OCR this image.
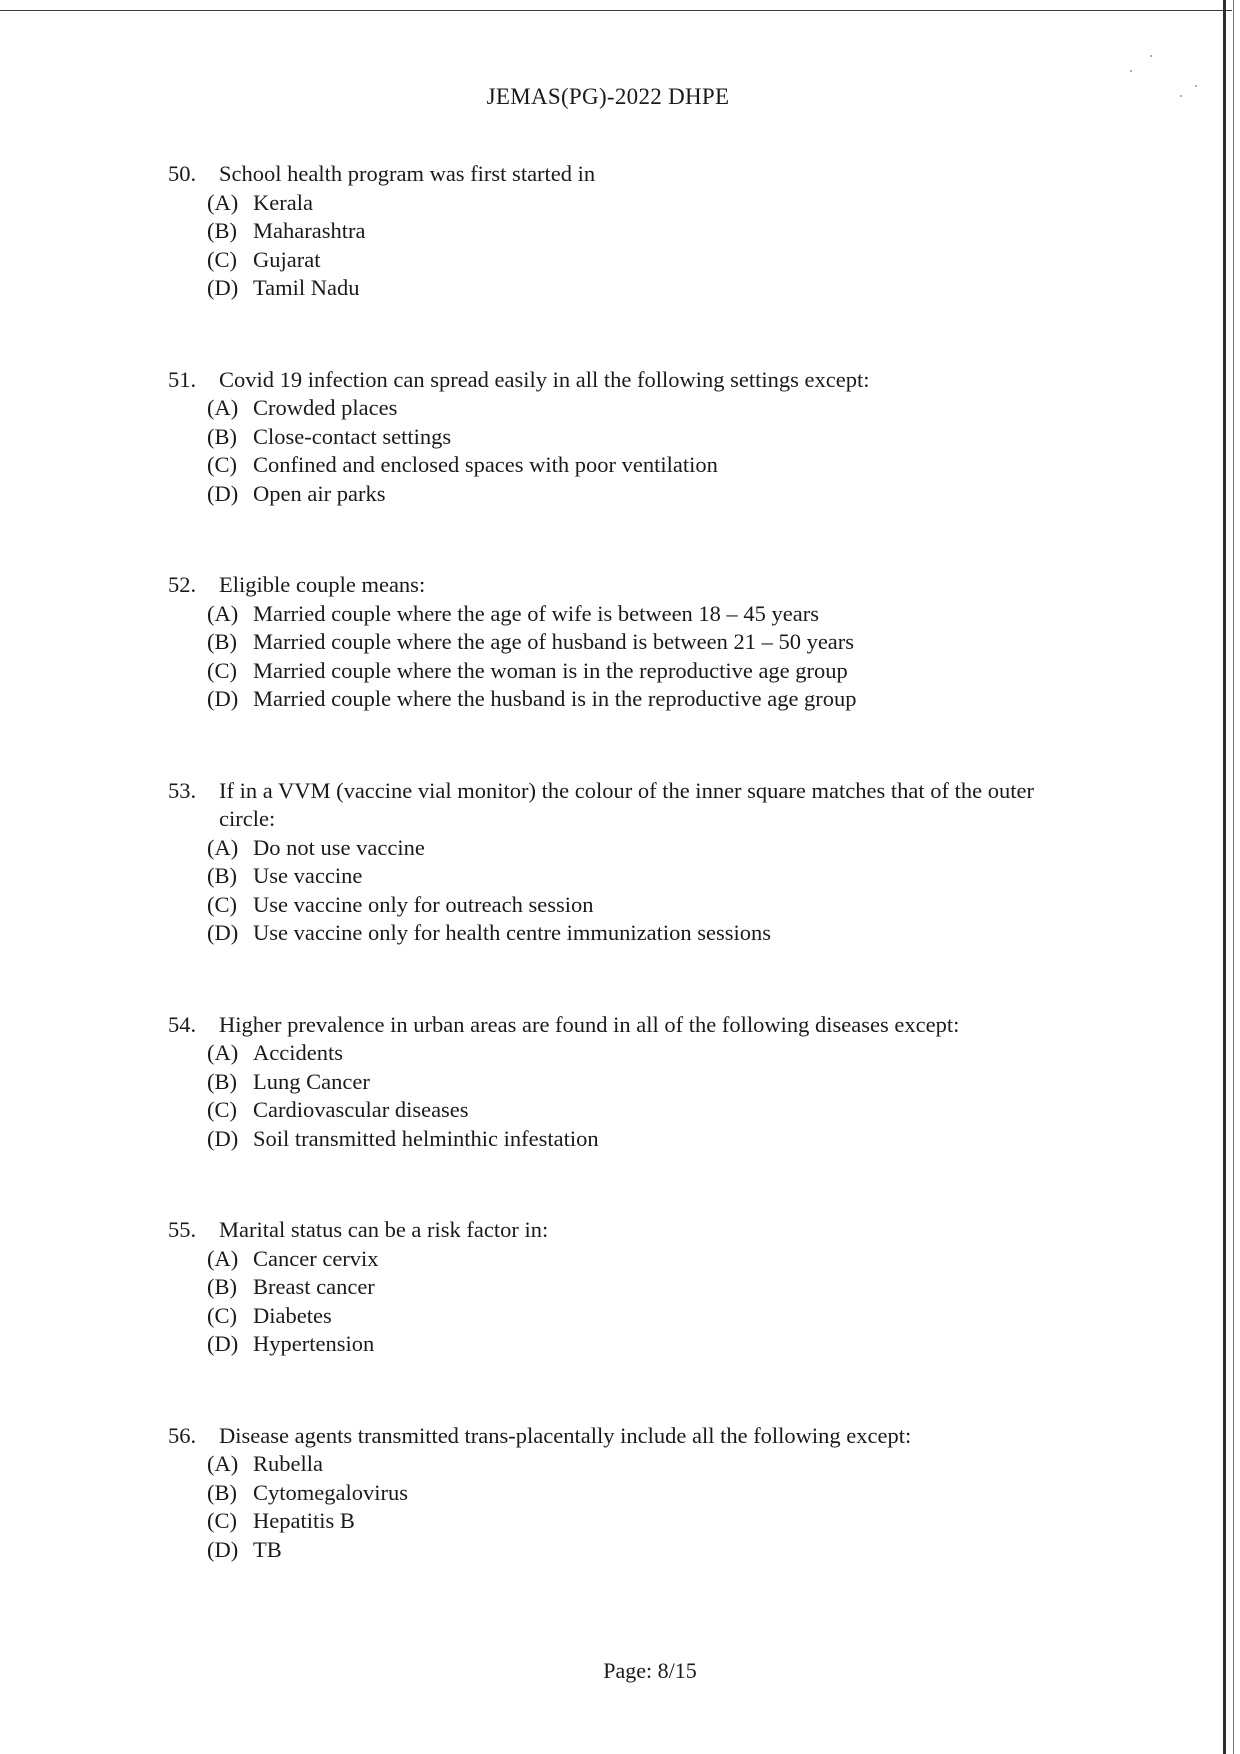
JEMAS(PG)-2022 DHPE
50.	School health program was first started in
(A) Kerala
(B) Maharashtra
(C) Gujarat
(D) Tamil Nadu
51.	Covid 19 infection can spread easily in all the following settings except:
(A) Crowded places
(B) Close-contact settings
(C) Confined and enclosed spaces with poor ventilation
(D) Open air parks
52.	Eligible couple means:
(A) Married couple where the age of wife is between 18 – 45 years
(B) Married couple where the age of husband is between 21 – 50 years
(C) Married couple where the woman is in the reproductive age group
(D) Married couple where the husband is in the reproductive age group
53.	If in a VVM (vaccine vial monitor) the colour of the inner square matches that of the outer circle:
(A) Do not use vaccine
(B) Use vaccine
(C) Use vaccine only for outreach session
(D) Use vaccine only for health centre immunization sessions
54.	Higher prevalence in urban areas are found in all of the following diseases except:
(A) Accidents
(B) Lung Cancer
(C) Cardiovascular diseases
(D) Soil transmitted helminthic infestation
55.	Marital status can be a risk factor in:
(A) Cancer cervix
(B) Breast cancer
(C) Diabetes
(D) Hypertension
56.	Disease agents transmitted trans-placentally include all the following except:
(A) Rubella
(B) Cytomegalovirus
(C) Hepatitis B
(D) TB
Page: 8/15
